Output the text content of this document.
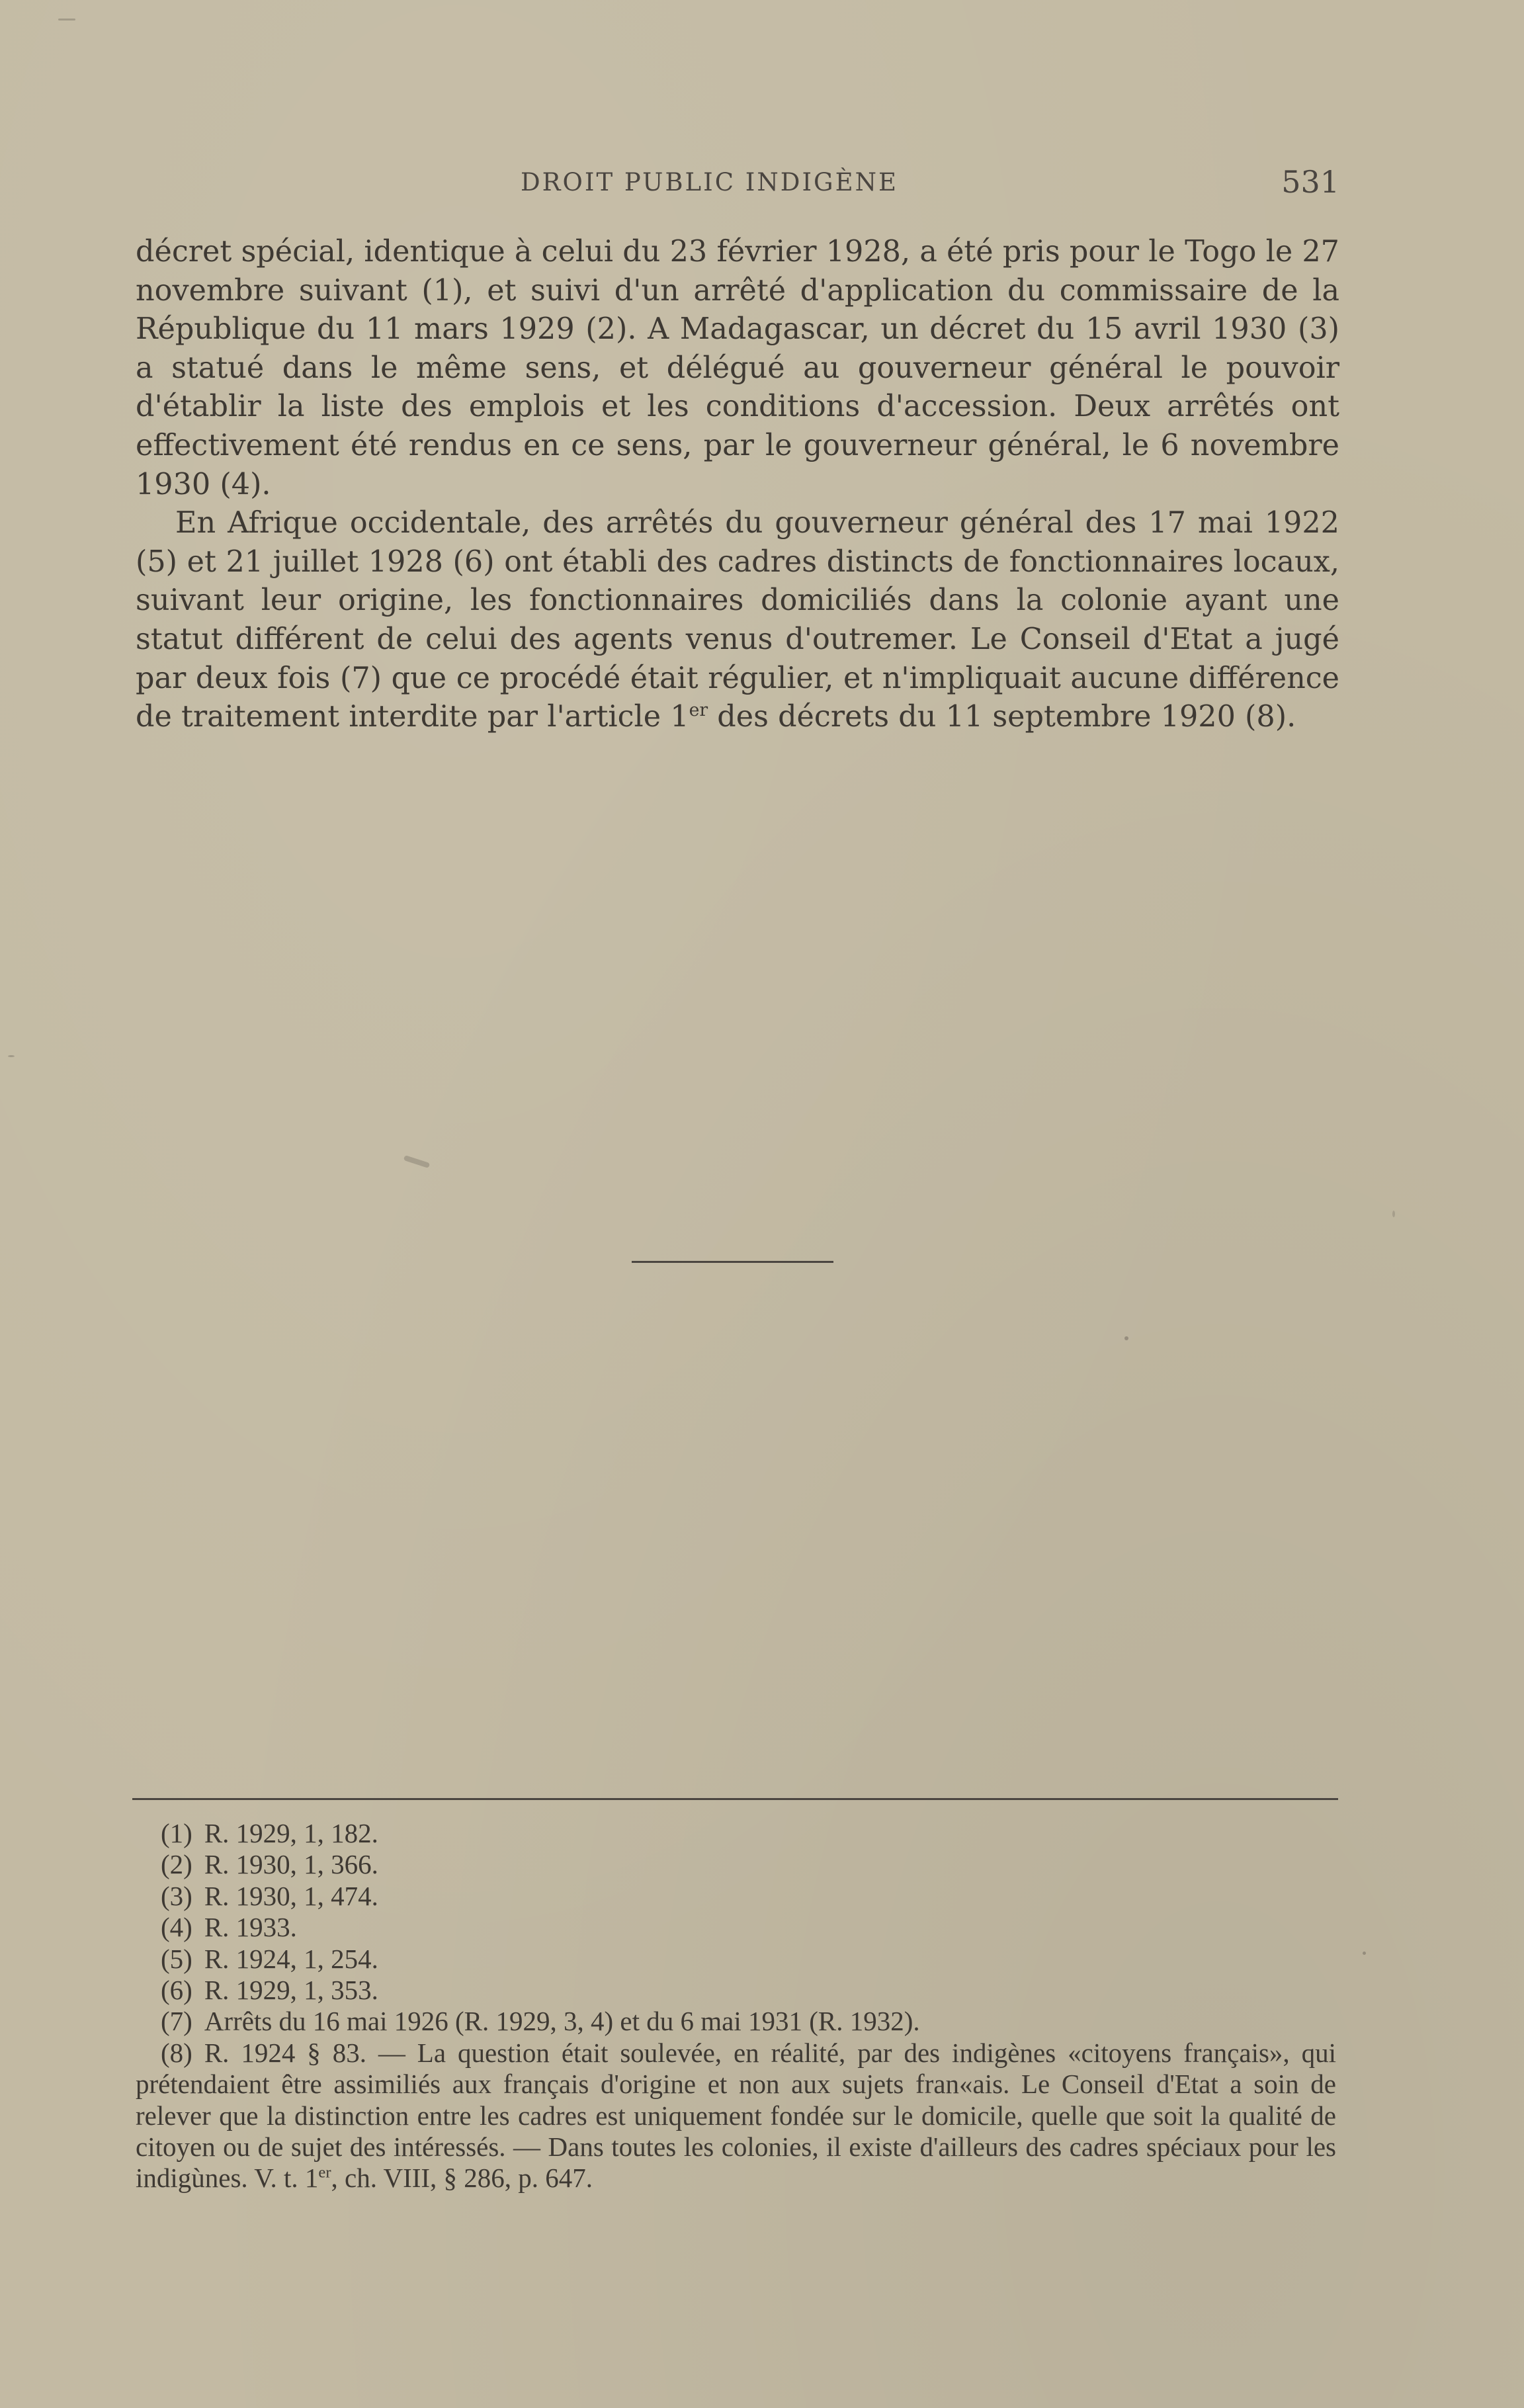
DROIT PUBLIC INDIGÈNE	531

décret spécial, identique à celui du 23 février 1928, a été pris pour le Togo le 27 novembre suivant (1), et suivi d'un arrêté d'application du commissaire de la République du 11 mars 1929 (2). A Madagascar, un décret du 15 avril 1930 (3) a statué dans le même sens, et délégué au gouverneur général le pouvoir d'établir la liste des emplois et les conditions d'accession. Deux arrêtés ont effectivement été rendus en ce sens, par le gouverneur général, le 6 novembre 1930 (4).

En Afrique occidentale, des arrêtés du gouverneur général des 17 mai 1922 (5) et 21 juillet 1928 (6) ont établi des cadres distincts de fonctionnaires locaux, suivant leur origine, les fonctionnaires domiciliés dans la colonie ayant une statut différent de celui des agents venus d'outremer. Le Conseil d'Etat a jugé par deux fois (7) que ce procédé était régulier, et n'impliquait aucune différence de traitement interdite par l'article 1er des décrets du 11 septembre 1920 (8).

(1) R. 1929, 1, 182.
(2) R. 1930, 1, 366.
(3) R. 1930, 1, 474.
(4) R. 1933.
(5) R. 1924, 1, 254.
(6) R. 1929, 1, 353.
(7) Arrêts du 16 mai 1926 (R. 1929, 3, 4) et du 6 mai 1931 (R. 1932).
(8) R. 1924 § 83. — La question était soulevée, en réalité, par des indigènes «citoyens français», qui prétendaient être assimiliés aux français d'origine et non aux sujets fran«ais. Le Conseil d'Etat a soin de relever que la distinction entre les cadres est uniquement fondée sur le domicile, quelle que soit la qualité de citoyen ou de sujet des intéressés. — Dans toutes les colonies, il existe d'ailleurs des cadres spéciaux pour les indigùnes. V. t. 1er, ch. VIII, § 286, p. 647.
